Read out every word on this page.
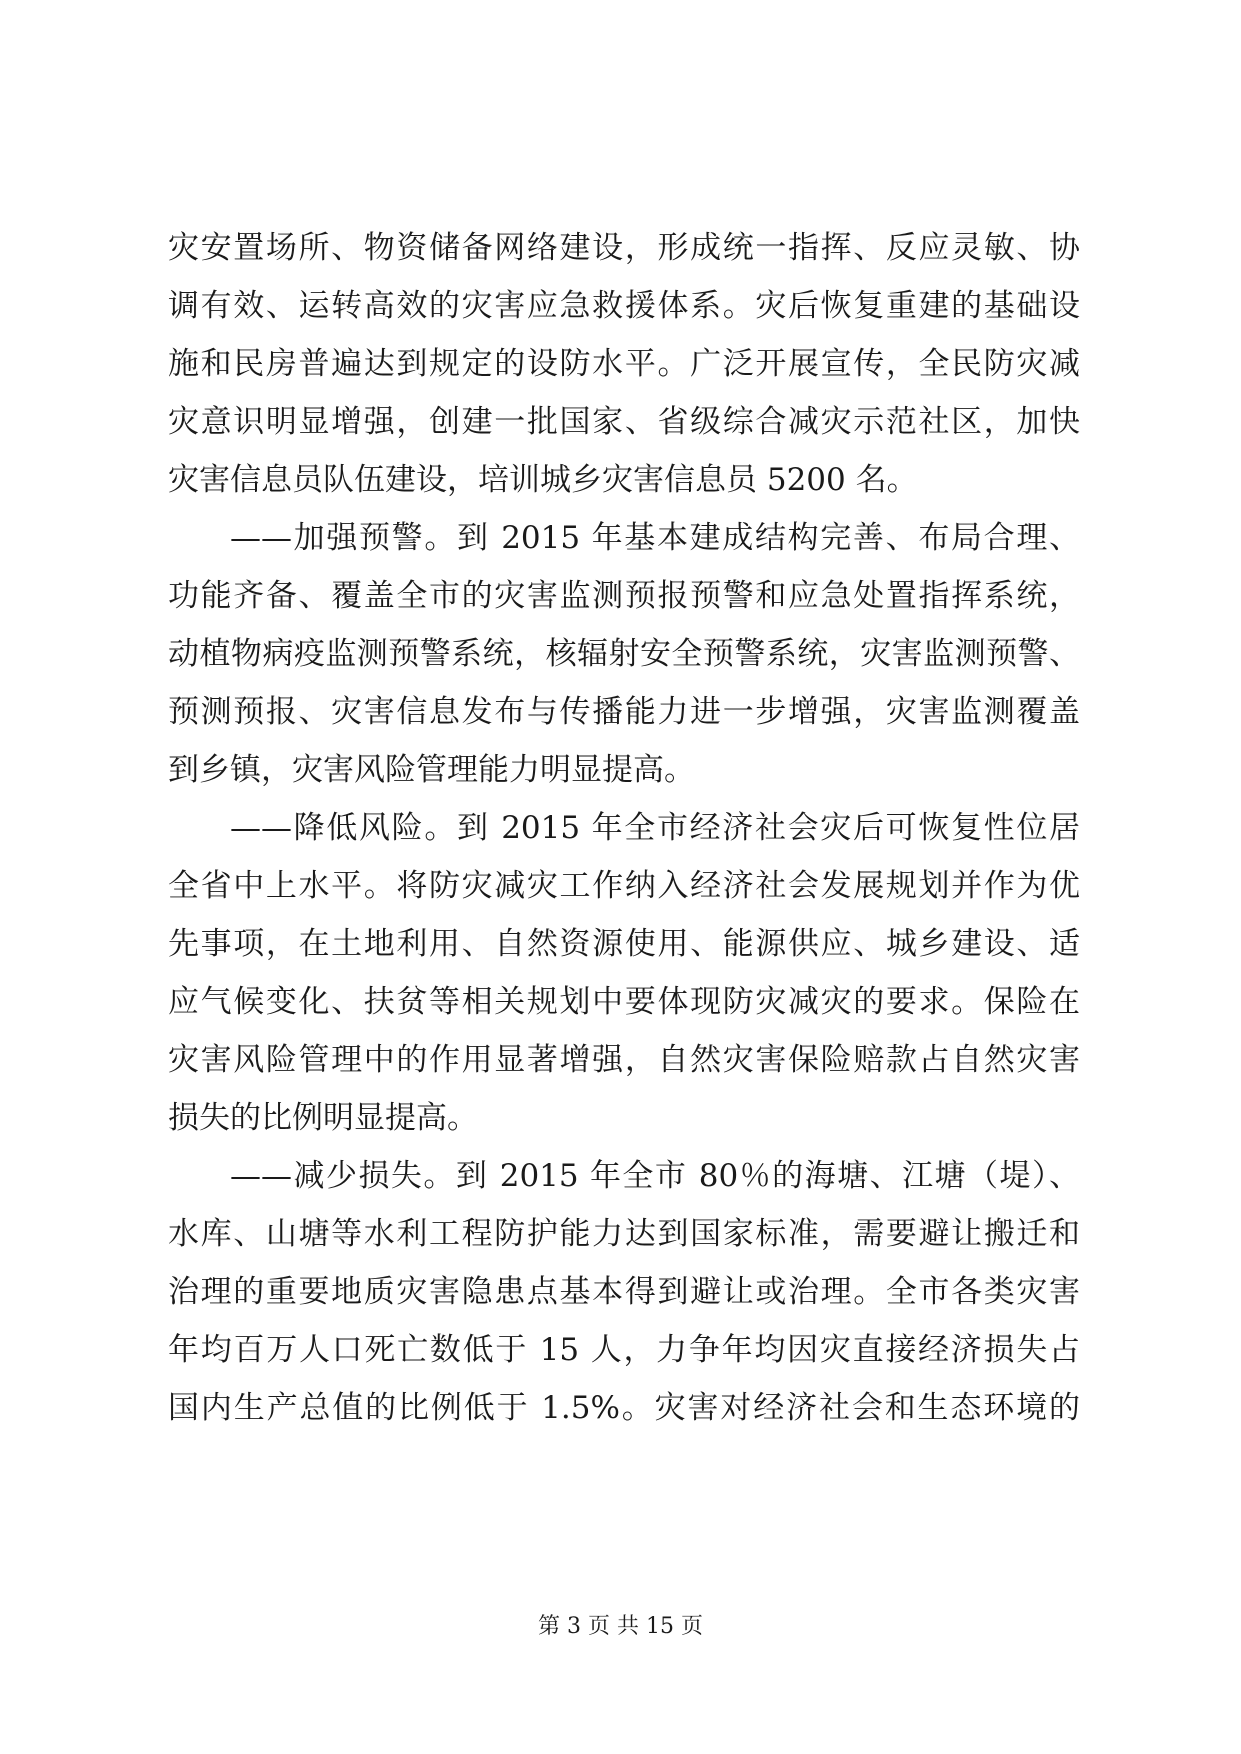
灾安置场所、物资储备网络建设，形成统一指挥、反应灵敏、协
调有效、运转高效的灾害应急救援体系。灾后恢复重建的基础设
施和民房普遍达到规定的设防水平。广泛开展宣传，全民防灾减
灾意识明显增强，创建一批国家、省级综合减灾示范社区，加快
灾害信息员队伍建设，培训城乡灾害信息员 5200 名。
——加强预警。到 2015 年基本建成结构完善、布局合理、
功能齐备、覆盖全市的灾害监测预报预警和应急处置指挥系统，
动植物病疫监测预警系统，核辐射安全预警系统，灾害监测预警、
预测预报、灾害信息发布与传播能力进一步增强，灾害监测覆盖
到乡镇，灾害风险管理能力明显提高。
——降低风险。到 2015 年全市经济社会灾后可恢复性位居
全省中上水平。将防灾减灾工作纳入经济社会发展规划并作为优
先事项，在土地利用、自然资源使用、能源供应、城乡建设、适
应气候变化、扶贫等相关规划中要体现防灾减灾的要求。保险在
灾害风险管理中的作用显著增强，自然灾害保险赔款占自然灾害
损失的比例明显提高。
——减少损失。到 2015 年全市 80％的海塘、江塘（堤）、
水库、山塘等水利工程防护能力达到国家标准，需要避让搬迁和
治理的重要地质灾害隐患点基本得到避让或治理。全市各类灾害
年均百万人口死亡数低于 15 人，力争年均因灾直接经济损失占
国内生产总值的比例低于 1.5%。灾害对经济社会和生态环境的
第 3 页 共 15 页
